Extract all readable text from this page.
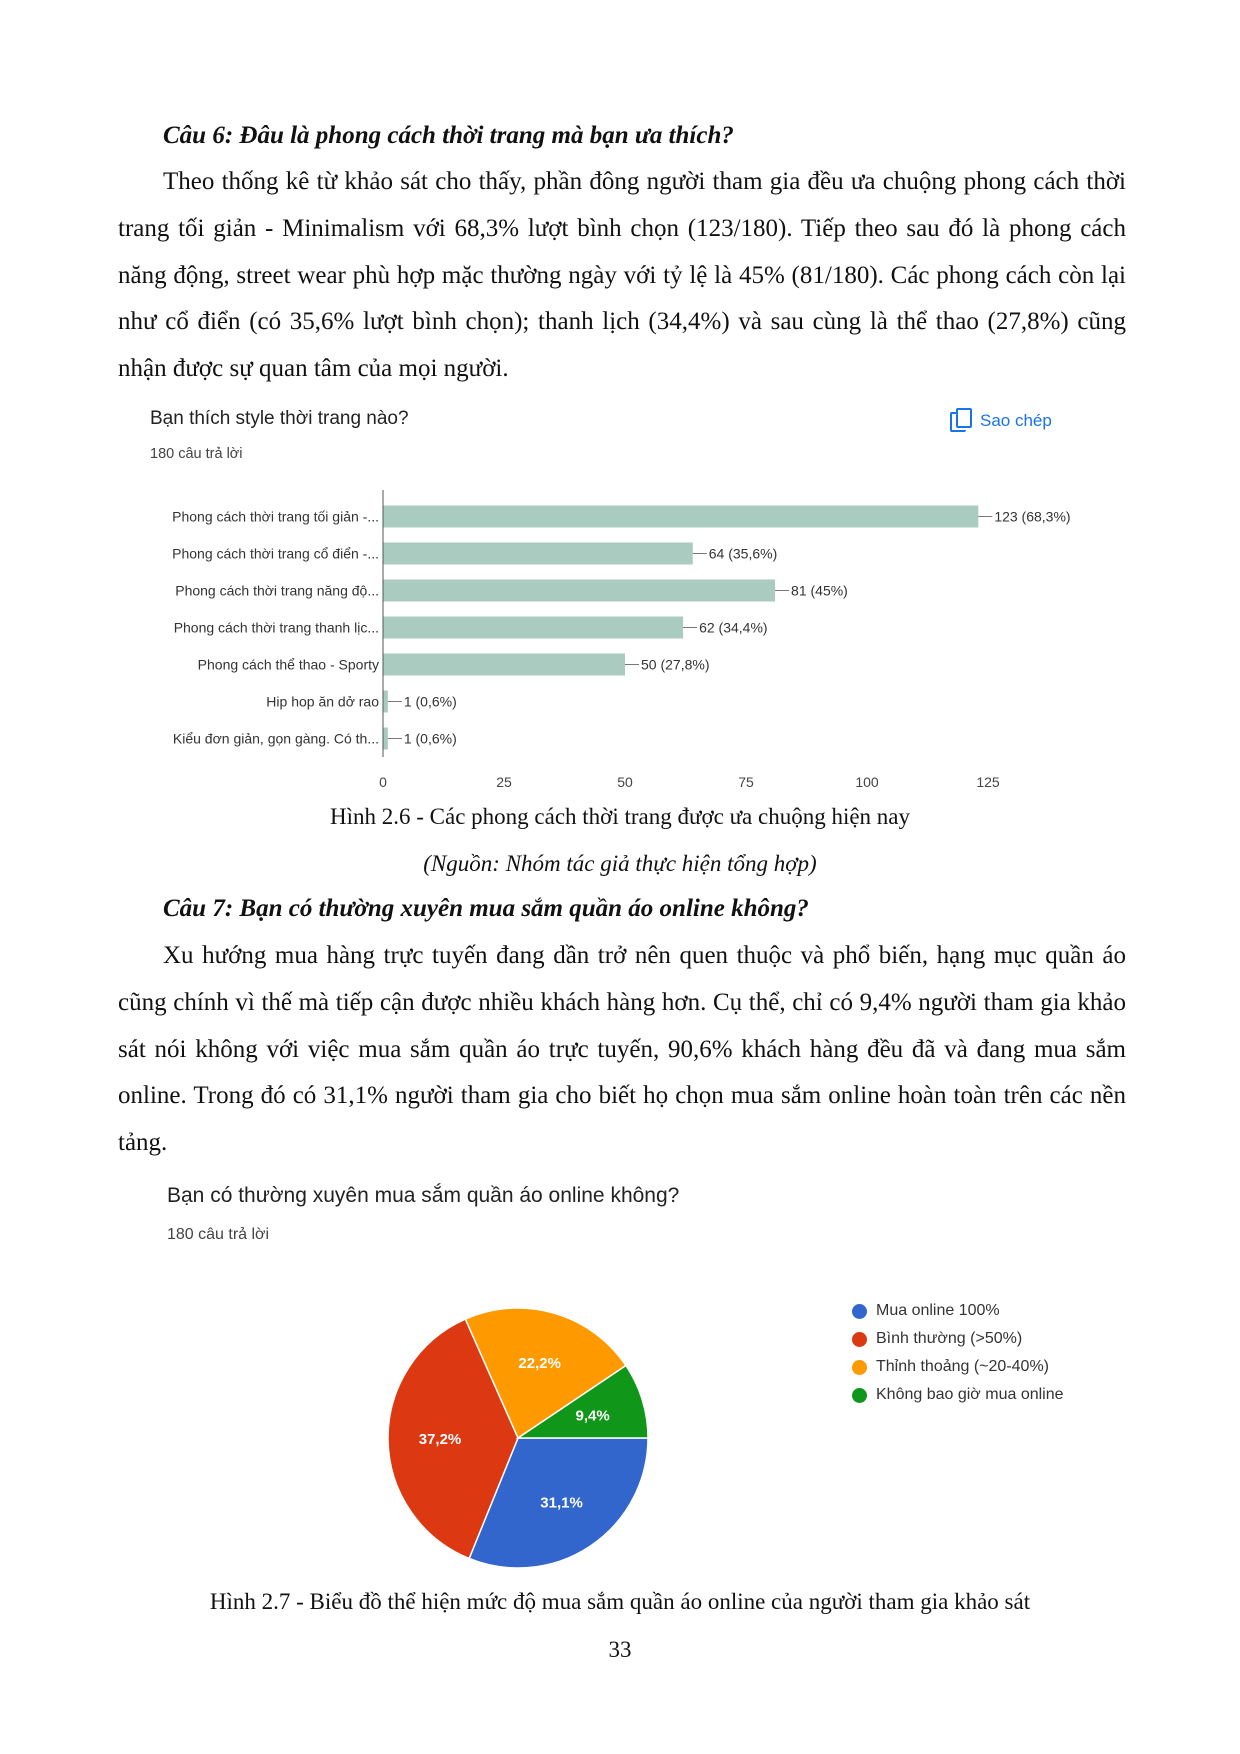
Câu 6: Đâu là phong cách thời trang mà bạn ưa thích?
Theo thống kê từ khảo sát cho thấy, phần đông người tham gia đều ưa chuộng phong cách thời trang tối giản - Minimalism với 68,3% lượt bình chọn (123/180). Tiếp theo sau đó là phong cách năng động, street wear phù hợp mặc thường ngày với tỷ lệ là 45% (81/180). Các phong cách còn lại như cổ điển (có 35,6% lượt bình chọn); thanh lịch (34,4%) và sau cùng là thể thao (27,8%) cũng nhận được sự quan tâm của mọi người.
Bạn thích style thời trang nào?
180 câu trả lời
Sao chép
Phong cách thời trang tối giản -...	123 (68,3%)
Phong cách thời trang cổ điển -...	64 (35,6%)
Phong cách thời trang năng độ...	81 (45%)
Phong cách thời trang thanh lịc...	62 (34,4%)
Phong cách thể thao - Sporty	50 (27,8%)
Hip hop ăn dở rao 1 (0,6%)
Kiểu đơn giản, gọn gàng. Có th... 1 (0,6%)
0	25	50	75	100	125
Hình 2.6 - Các phong cách thời trang được ưa chuộng hiện nay
(Nguồn: Nhóm tác giả thực hiện tổng hợp)
Câu 7: Bạn có thường xuyên mua sắm quần áo online không?
Xu hướng mua hàng trực tuyến đang dần trở nên quen thuộc và phổ biến, hạng mục quần áo cũng chính vì thế mà tiếp cận được nhiều khách hàng hơn. Cụ thể, chỉ có 9,4% người tham gia khảo sát nói không với việc mua sắm quần áo trực tuyến, 90,6% khách hàng đều đã và đang mua sắm online. Trong đó có 31,1% người tham gia cho biết họ chọn mua sắm online hoàn toàn trên các nền tảng.
Bạn có thường xuyên mua sắm quần áo online không?
180 câu trả lời
31,1%
37,2%
22,2%
9,4%
Mua online 100%
Bình thường (>50%)
Thỉnh thoảng (~20-40%)
Không bao giờ mua online
Hình 2.7 - Biểu đồ thể hiện mức độ mua sắm quần áo online của người tham gia khảo sát
33
